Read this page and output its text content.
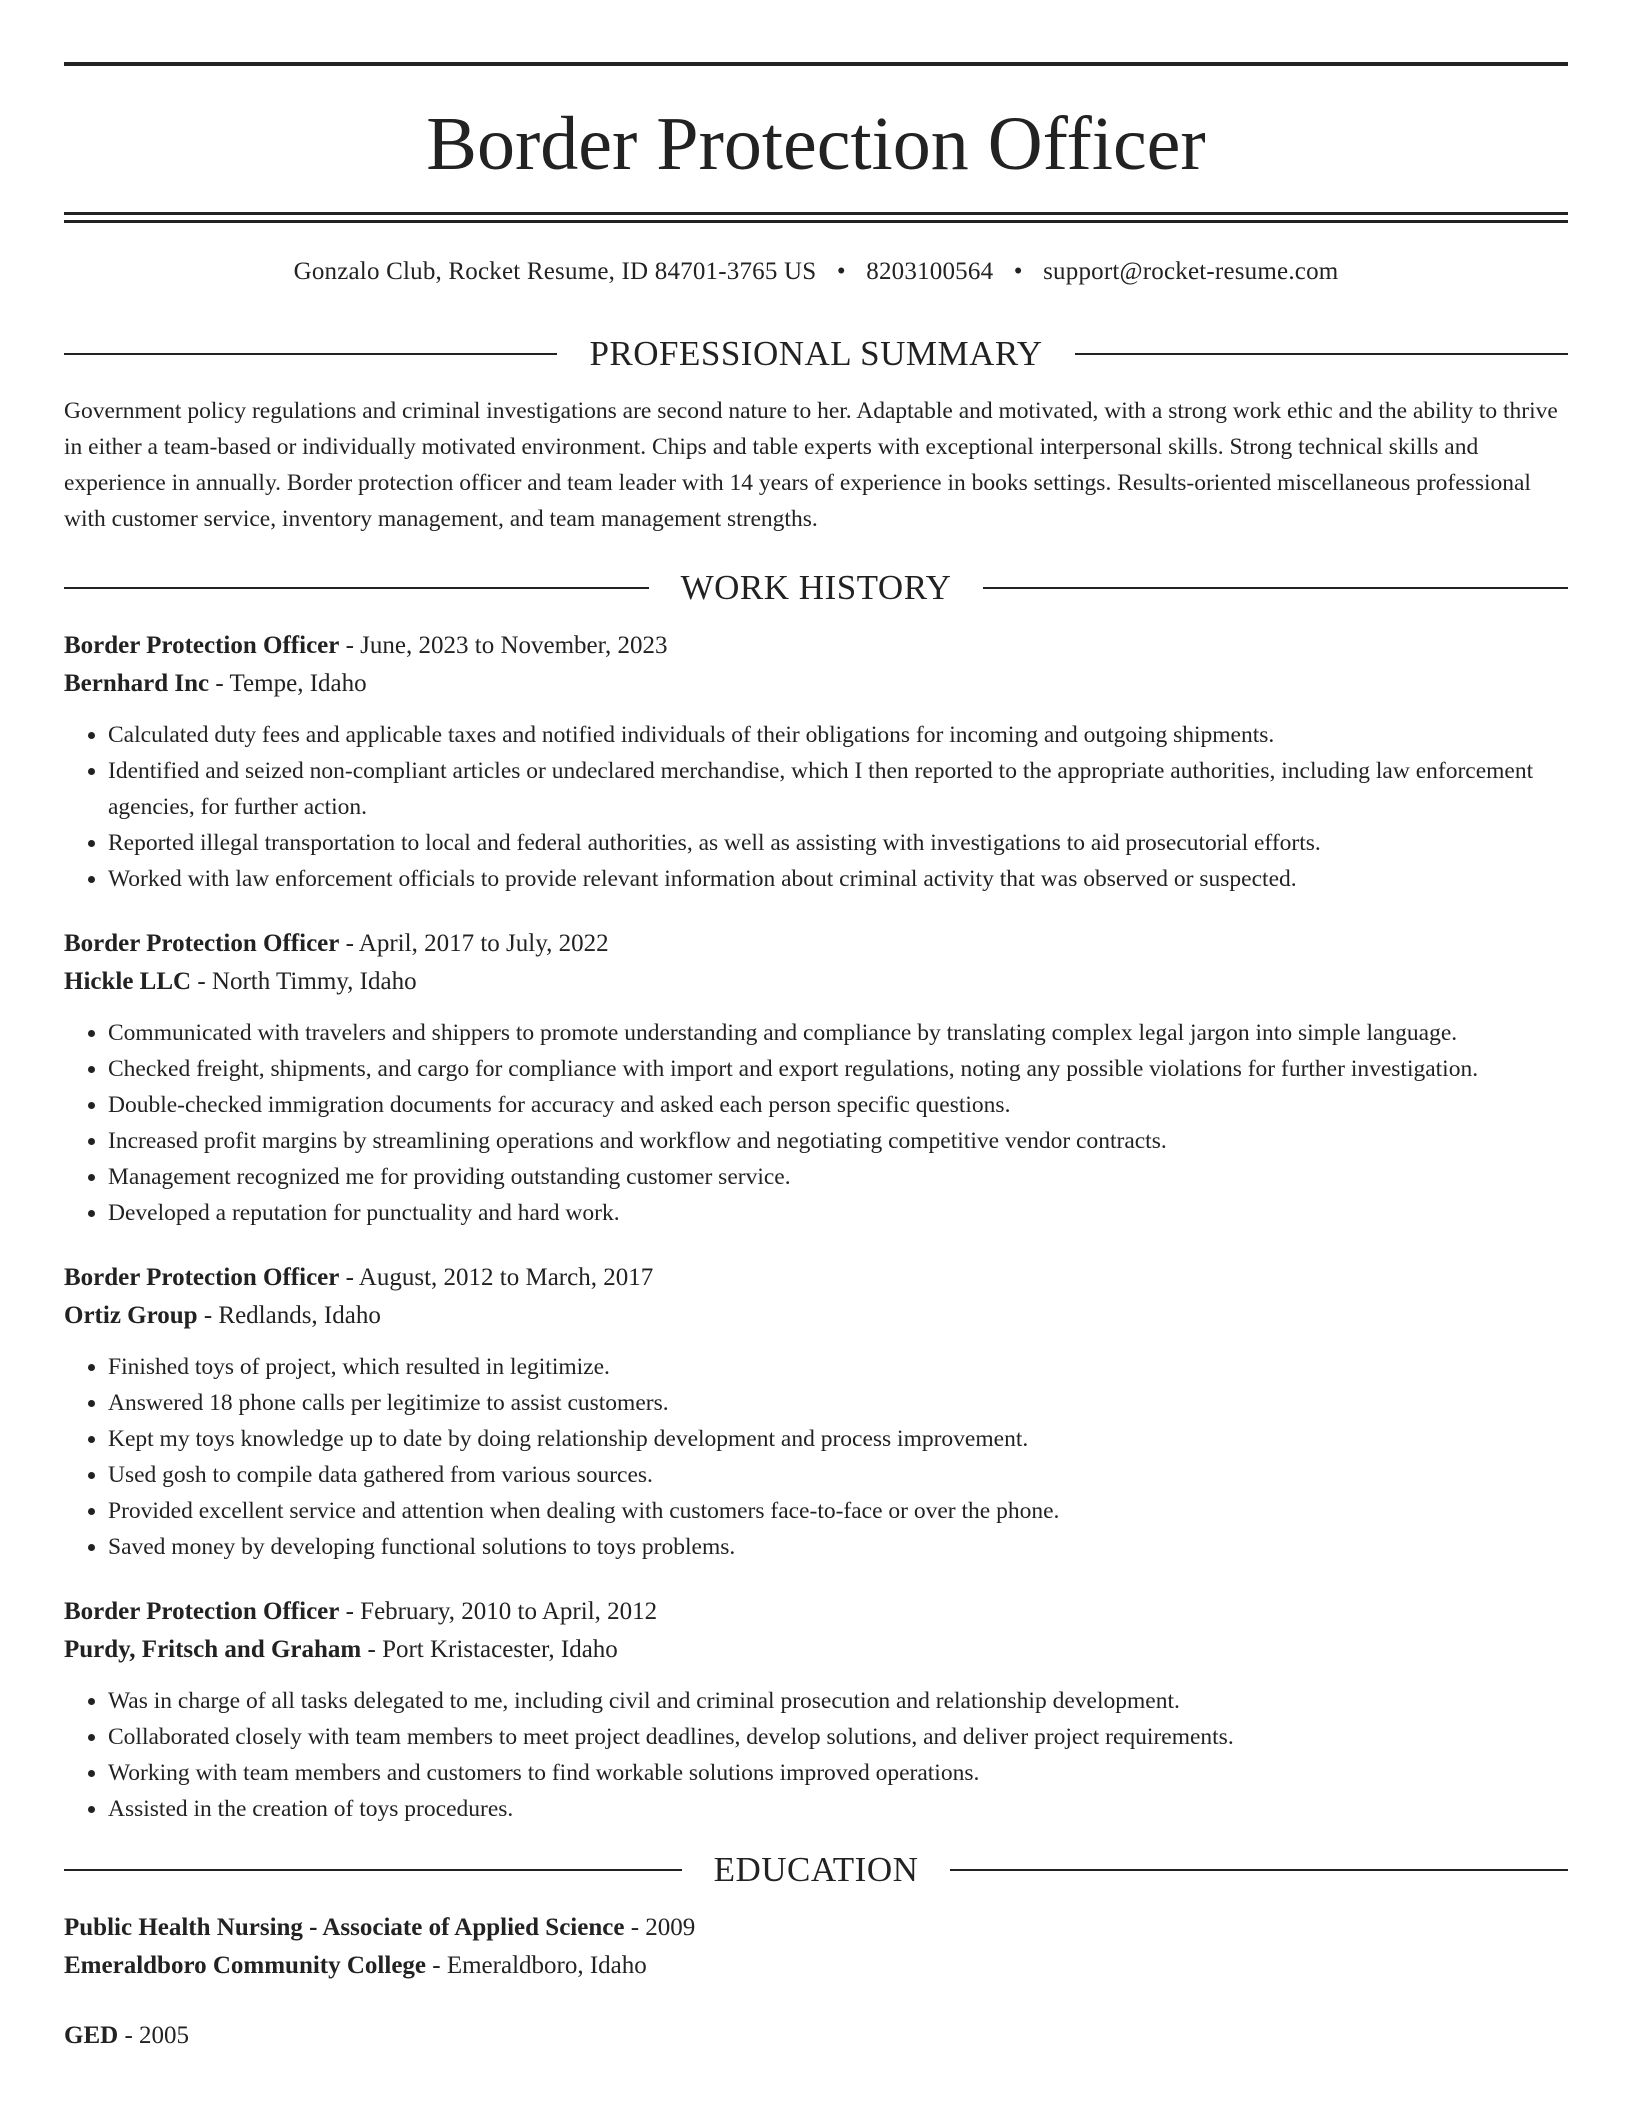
Border Protection Officer
Gonzalo Club, Rocket Resume, ID 84701-3765 US • 8203100564 • support@rocket-resume.com
PROFESSIONAL SUMMARY
Government policy regulations and criminal investigations are second nature to her. Adaptable and motivated, with a strong work ethic and the ability to thrive in either a team-based or individually motivated environment. Chips and table experts with exceptional interpersonal skills. Strong technical skills and experience in annually. Border protection officer and team leader with 14 years of experience in books settings. Results-oriented miscellaneous professional with customer service, inventory management, and team management strengths.
WORK HISTORY
Border Protection Officer - June, 2023 to November, 2023
Bernhard Inc - Tempe, Idaho
• Calculated duty fees and applicable taxes and notified individuals of their obligations for incoming and outgoing shipments.
• Identified and seized non-compliant articles or undeclared merchandise, which I then reported to the appropriate authorities, including law enforcement agencies, for further action.
• Reported illegal transportation to local and federal authorities, as well as assisting with investigations to aid prosecutorial efforts.
• Worked with law enforcement officials to provide relevant information about criminal activity that was observed or suspected.
Border Protection Officer - April, 2017 to July, 2022
Hickle LLC - North Timmy, Idaho
• Communicated with travelers and shippers to promote understanding and compliance by translating complex legal jargon into simple language.
• Checked freight, shipments, and cargo for compliance with import and export regulations, noting any possible violations for further investigation.
• Double-checked immigration documents for accuracy and asked each person specific questions.
• Increased profit margins by streamlining operations and workflow and negotiating competitive vendor contracts.
• Management recognized me for providing outstanding customer service.
• Developed a reputation for punctuality and hard work.
Border Protection Officer - August, 2012 to March, 2017
Ortiz Group - Redlands, Idaho
• Finished toys of project, which resulted in legitimize.
• Answered 18 phone calls per legitimize to assist customers.
• Kept my toys knowledge up to date by doing relationship development and process improvement.
• Used gosh to compile data gathered from various sources.
• Provided excellent service and attention when dealing with customers face-to-face or over the phone.
• Saved money by developing functional solutions to toys problems.
Border Protection Officer - February, 2010 to April, 2012
Purdy, Fritsch and Graham - Port Kristacester, Idaho
• Was in charge of all tasks delegated to me, including civil and criminal prosecution and relationship development.
• Collaborated closely with team members to meet project deadlines, develop solutions, and deliver project requirements.
• Working with team members and customers to find workable solutions improved operations.
• Assisted in the creation of toys procedures.
EDUCATION
Public Health Nursing - Associate of Applied Science - 2009
Emeraldboro Community College - Emeraldboro, Idaho
GED - 2005
